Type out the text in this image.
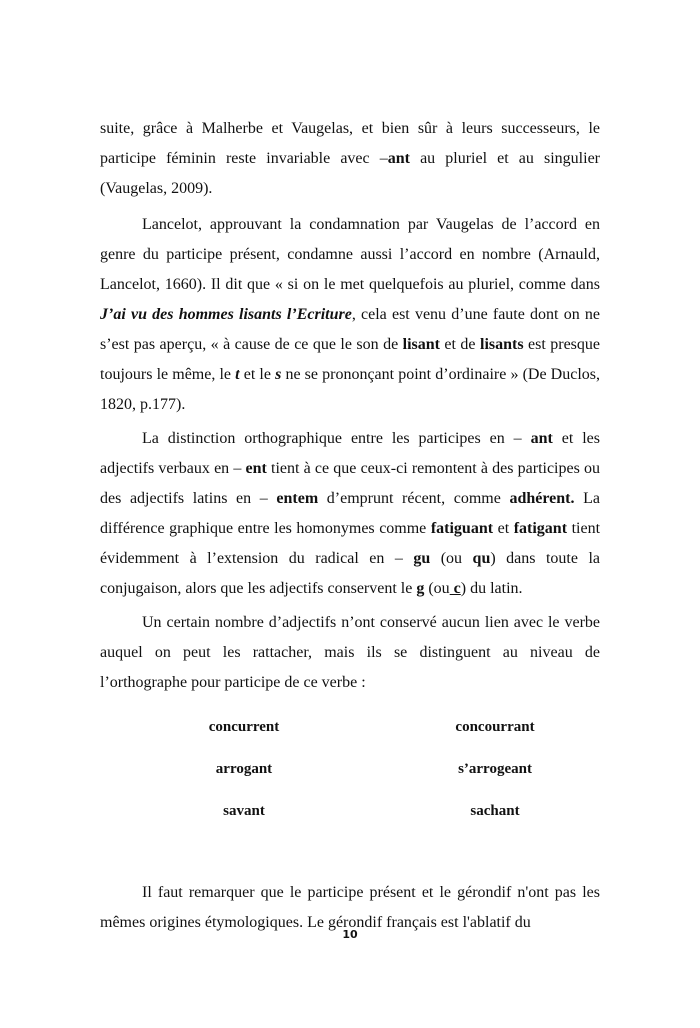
suite, grâce à Malherbe et Vaugelas, et bien sûr à leurs successeurs, le participe féminin reste invariable avec –ant au pluriel et au singulier (Vaugelas, 2009).

Lancelot, approuvant la condamnation par Vaugelas de l’accord en genre du participe présent, condamne aussi l’accord en nombre (Arnauld, Lancelot, 1660). Il dit que « si on le met quelquefois au pluriel, comme dans J’ai vu des hommes lisants l’Ecriture, cela est venu d’une faute dont on ne s’est pas aperçu, « à cause de ce que le son de lisant et de lisants est presque toujours le même, le t et le s ne se prononçant point d’ordinaire » (De Duclos, 1820, p.177).

La distinction orthographique entre les participes en – ant et les adjectifs verbaux en – ent tient à ce que ceux-ci remontent à des participes ou des adjectifs latins en – entem d’emprunt récent, comme adhérent. La différence graphique entre les homonymes comme fatiguant et fatigant tient évidemment à l’extension du radical en – gu (ou qu) dans toute la conjugaison, alors que les adjectifs conservent le g (ou c) du latin.

Un certain nombre d’adjectifs n’ont conservé aucun lien avec le verbe auquel on peut les rattacher, mais ils se distinguent au niveau de l’orthographe pour participe de ce verbe :

concurrent	concourrant
arrogant	s’arrogeant
savant	sachant

Il faut remarquer que le participe présent et le gérondif n'ont pas les mêmes origines étymologiques. Le gérondif français est l'ablatif du

10
